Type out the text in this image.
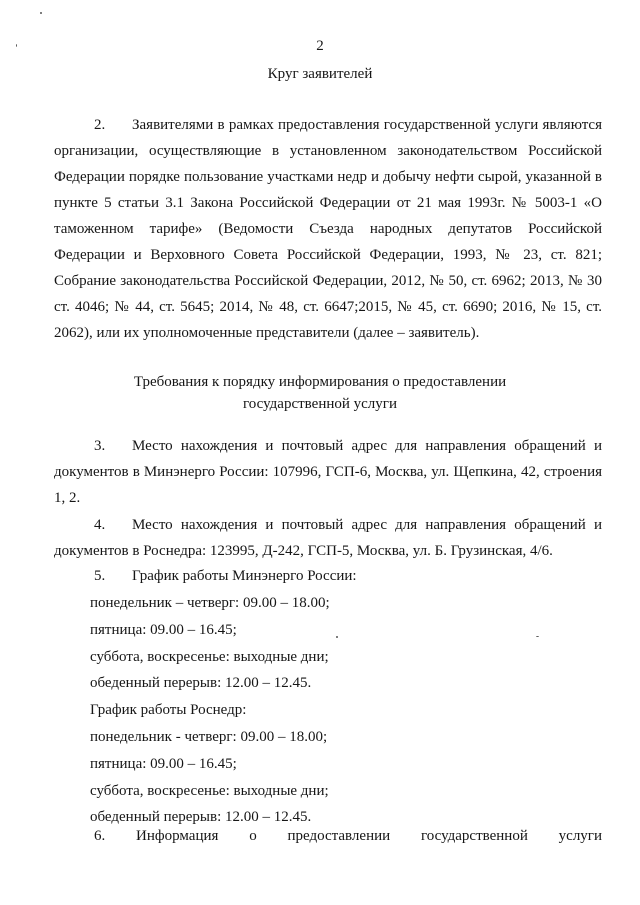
2
Круг заявителей
2. Заявителями в рамках предоставления государственной услуги являются организации, осуществляющие в установленном законодательством Российской Федерации порядке пользование участками недр и добычу нефти сырой, указанной в пункте 5 статьи 3.1 Закона Российской Федерации от 21 мая 1993г. № 5003-1 «О таможенном тарифе» (Ведомости Съезда народных депутатов Российской Федерации и Верховного Совета Российской Федерации, 1993, № 23, ст. 821; Собрание законодательства Российской Федерации, 2012, № 50, ст. 6962; 2013, № 30 ст. 4046; № 44, ст. 5645; 2014, № 48, ст. 6647;2015, № 45, ст. 6690; 2016, № 15, ст. 2062), или их уполномоченные представители (далее – заявитель).
Требования к порядку информирования о предоставлении
государственной услуги
3. Место нахождения и почтовый адрес для направления обращений и документов в Минэнерго России: 107996, ГСП-6, Москва, ул. Щепкина, 42, строения 1, 2.
4. Место нахождения и почтовый адрес для направления обращений и документов в Роснедра: 123995, Д-242, ГСП-5, Москва, ул. Б. Грузинская, 4/6.
5. График работы Минэнерго России:
понедельник – четверг: 09.00 – 18.00;
пятница: 09.00 – 16.45;
суббота, воскресенье: выходные дни;
обеденный перерыв: 12.00 – 12.45.
График работы Роснедр:
понедельник - четверг: 09.00 – 18.00;
пятница: 09.00 – 16.45;
суббота, воскресенье: выходные дни;
обеденный перерыв: 12.00 – 12.45.
6. Информация о предоставлении государственной услуги
